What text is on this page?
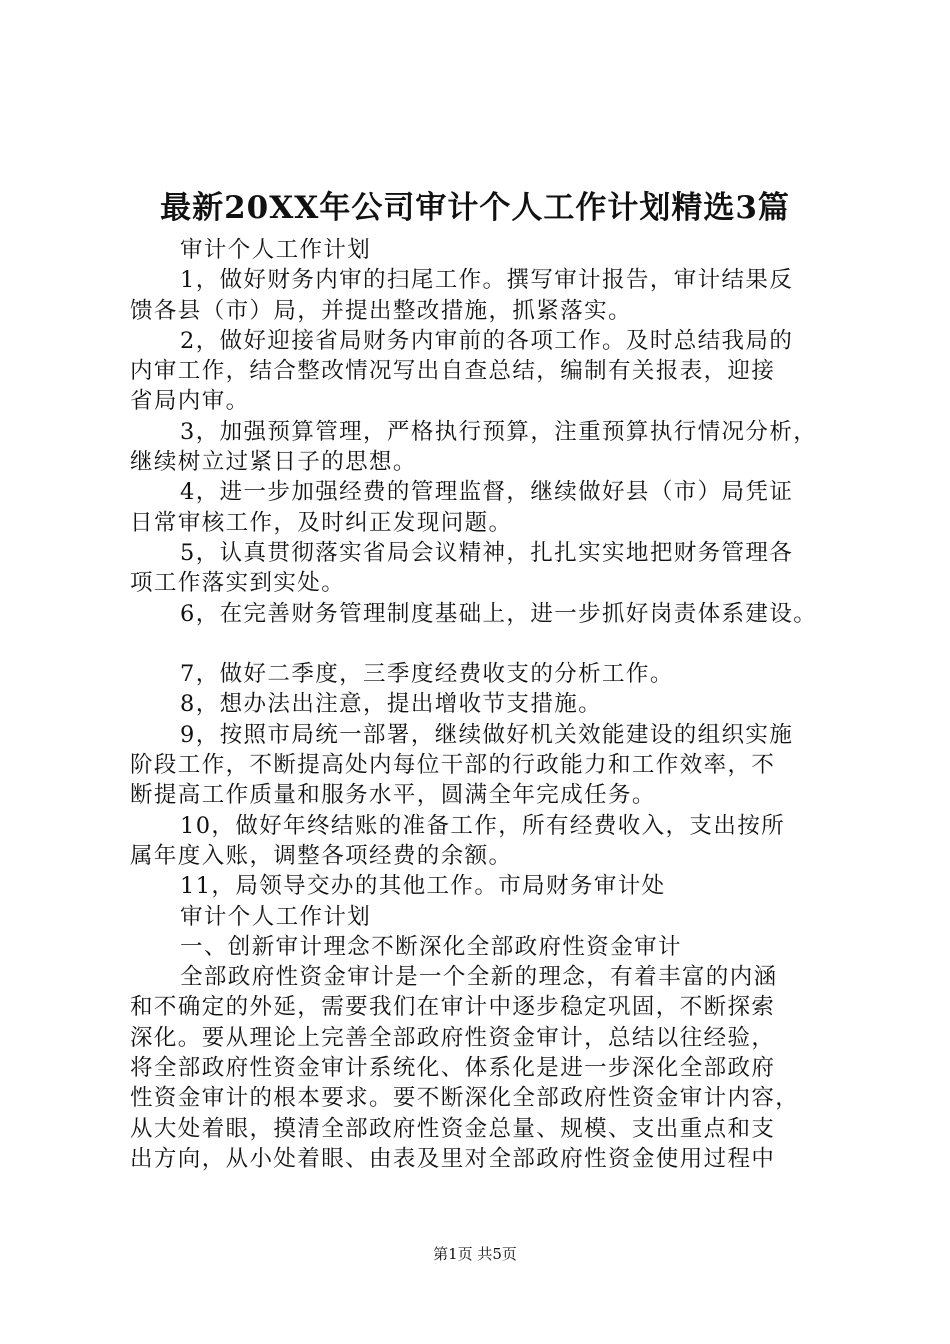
最新20XX年公司审计个人工作计划精选3篇
审计个人工作计划
1，做好财务内审的扫尾工作。撰写审计报告，审计结果反
馈各县（市）局，并提出整改措施，抓紧落实。
2，做好迎接省局财务内审前的各项工作。及时总结我局的
内审工作，结合整改情况写出自查总结，编制有关报表，迎接
省局内审。
3，加强预算管理，严格执行预算，注重预算执行情况分析，
继续树立过紧日子的思想。
4，进一步加强经费的管理监督，继续做好县（市）局凭证
日常审核工作，及时纠正发现问题。
5，认真贯彻落实省局会议精神，扎扎实实地把财务管理各
项工作落实到实处。
6，在完善财务管理制度基础上，进一步抓好岗责体系建设。
7，做好二季度，三季度经费收支的分析工作。
8，想办法出注意，提出增收节支措施。
9，按照市局统一部署，继续做好机关效能建设的组织实施
阶段工作，不断提高处内每位干部的行政能力和工作效率，不
断提高工作质量和服务水平，圆满全年完成任务。
10，做好年终结账的准备工作，所有经费收入，支出按所
属年度入账，调整各项经费的余额。
11，局领导交办的其他工作。市局财务审计处
审计个人工作计划
一、创新审计理念不断深化全部政府性资金审计
全部政府性资金审计是一个全新的理念，有着丰富的内涵
和不确定的外延，需要我们在审计中逐步稳定巩固，不断探索
深化。要从理论上完善全部政府性资金审计，总结以往经验，
将全部政府性资金审计系统化、体系化是进一步深化全部政府
性资金审计的根本要求。要不断深化全部政府性资金审计内容，
从大处着眼，摸清全部政府性资金总量、规模、支出重点和支
出方向，从小处着眼、由表及里对全部政府性资金使用过程中
第1页 共5页
